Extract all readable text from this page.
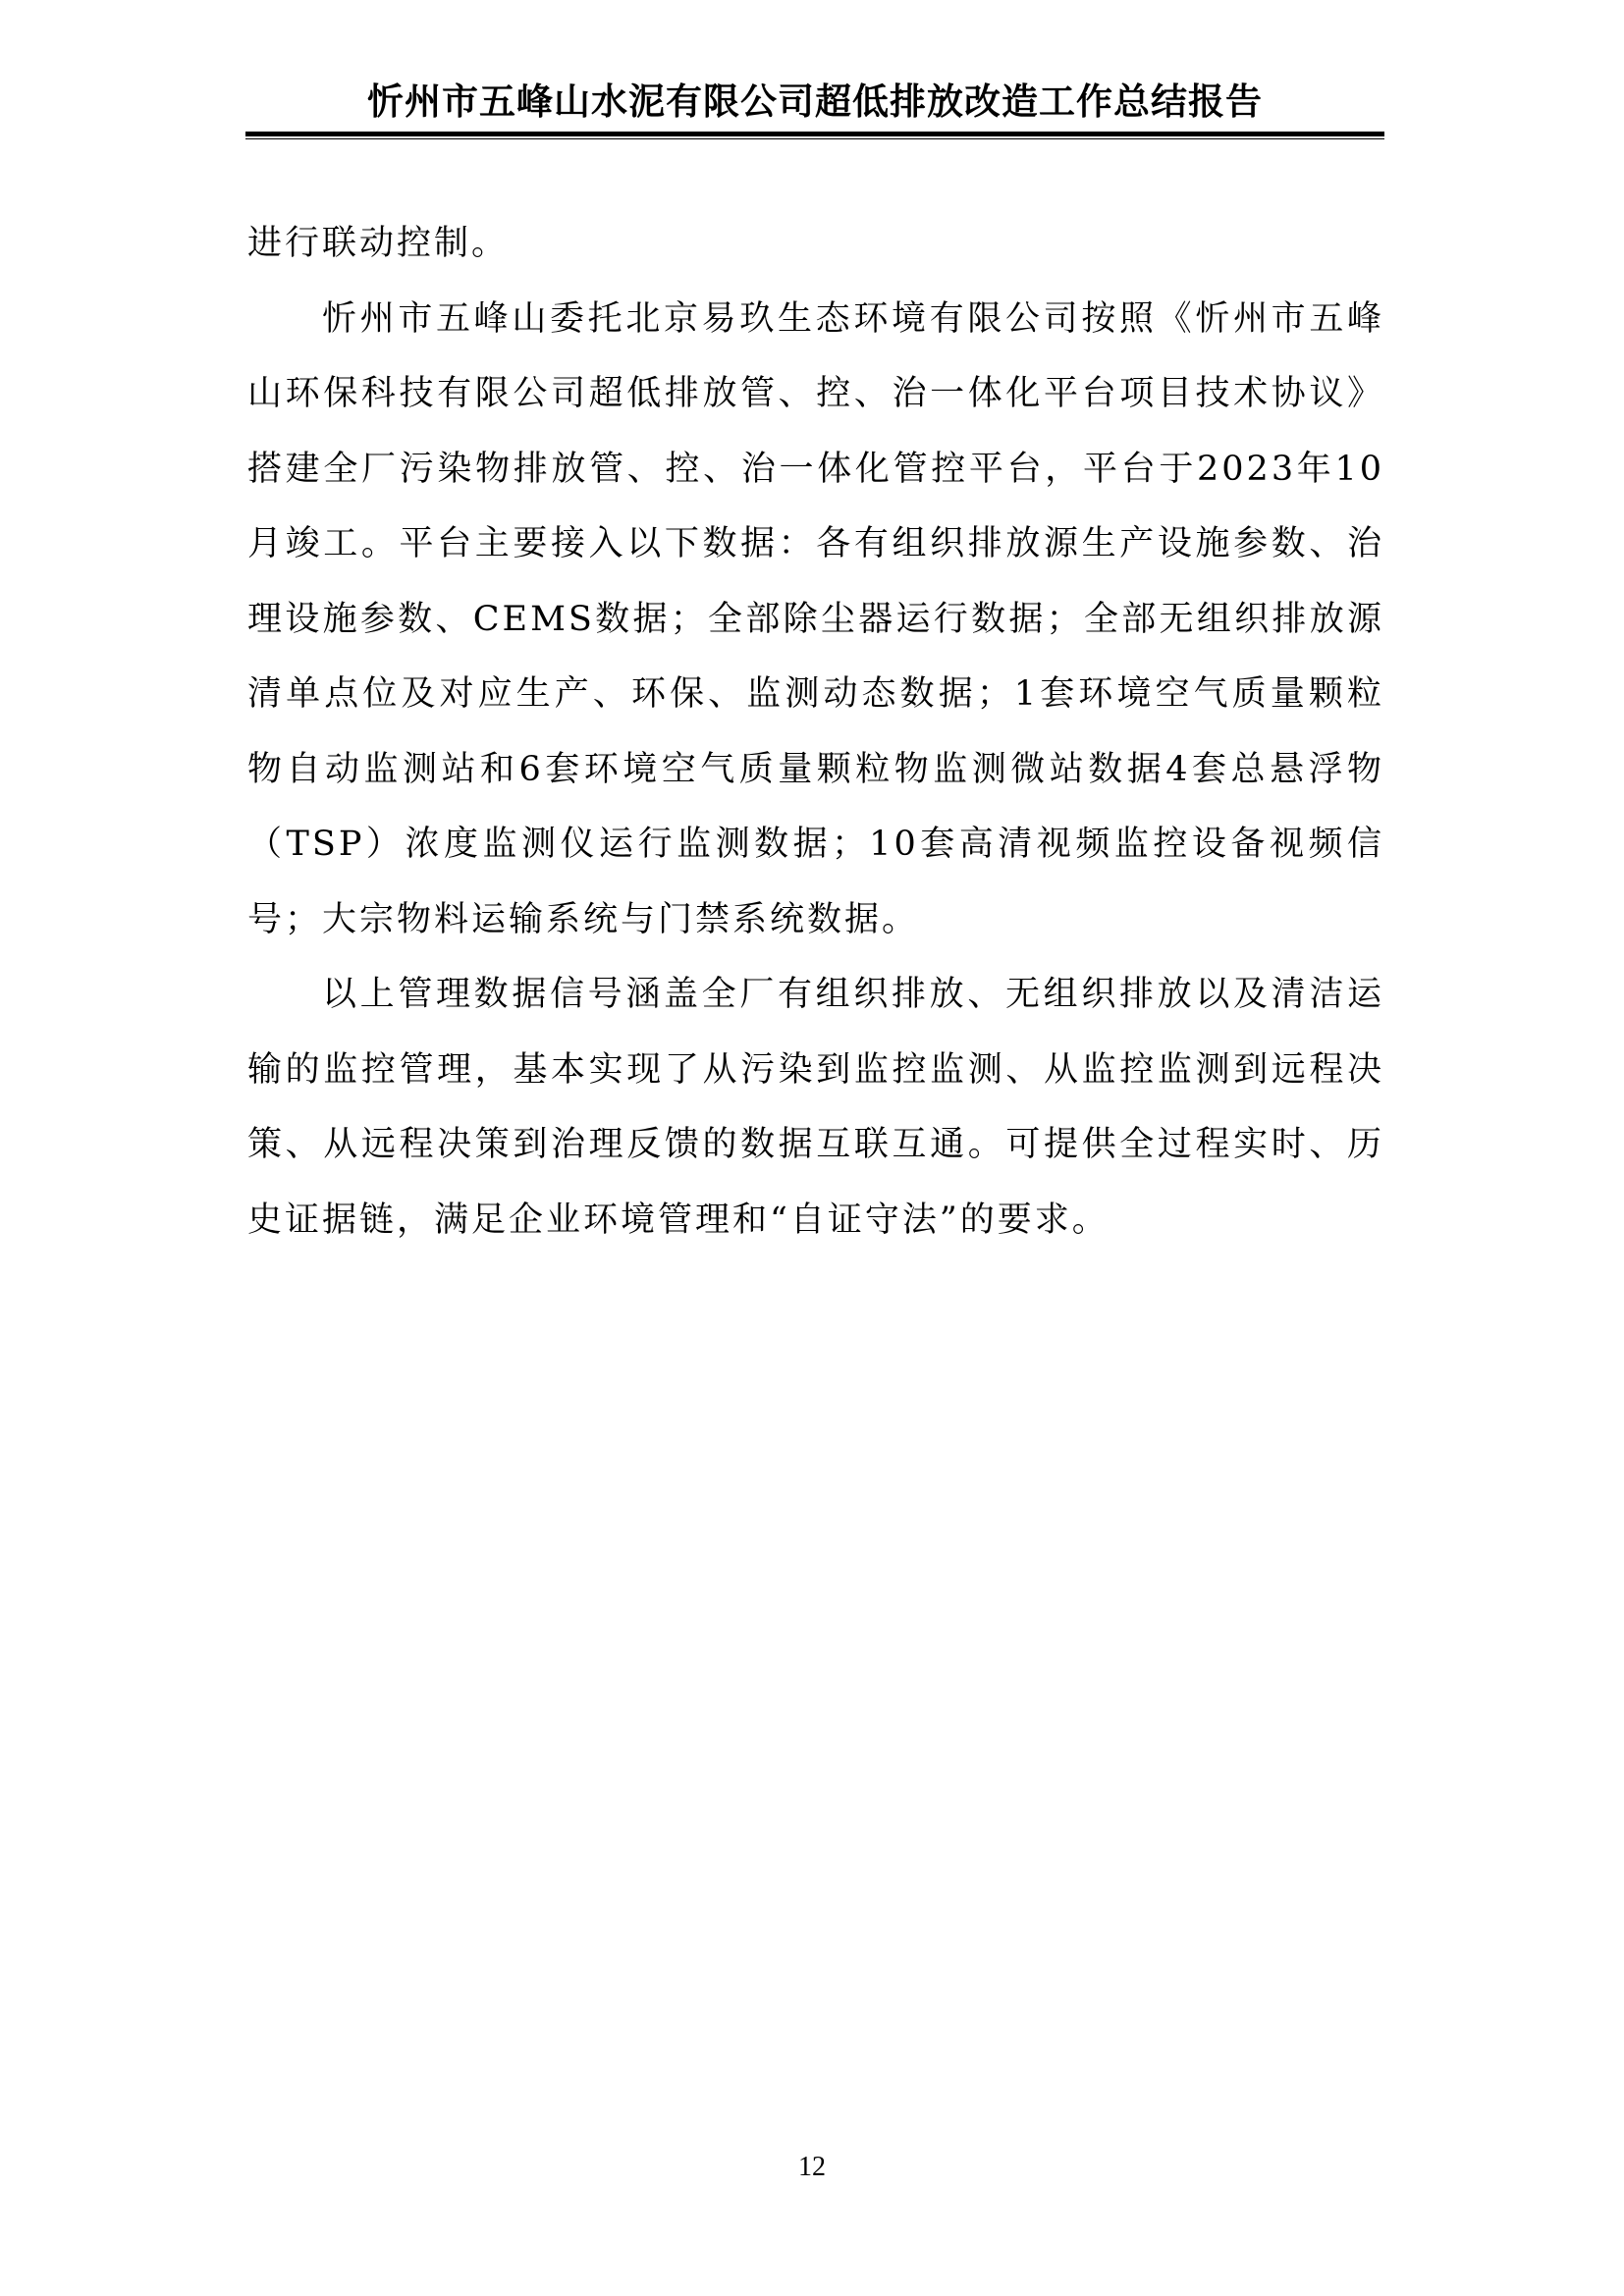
忻州市五峰山水泥有限公司超低排放改造工作总结报告

进行联动控制。

忻州市五峰山委托北京易玖生态环境有限公司按照《忻州市五峰山环保科技有限公司超低排放管、控、治一体化平台项目技术协议》搭建全厂污染物排放管、控、治一体化管控平台，平台于2023年10月竣工。平台主要接入以下数据：各有组织排放源生产设施参数、治理设施参数、CEMS数据；全部除尘器运行数据；全部无组织排放源清单点位及对应生产、环保、监测动态数据；1套环境空气质量颗粒物自动监测站和6套环境空气质量颗粒物监测微站数据4套总悬浮物（TSP）浓度监测仪运行监测数据；10套高清视频监控设备视频信号；大宗物料运输系统与门禁系统数据。

以上管理数据信号涵盖全厂有组织排放、无组织排放以及清洁运输的监控管理，基本实现了从污染到监控监测、从监控监测到远程决策、从远程决策到治理反馈的数据互联互通。可提供全过程实时、历史证据链，满足企业环境管理和“自证守法”的要求。

12
